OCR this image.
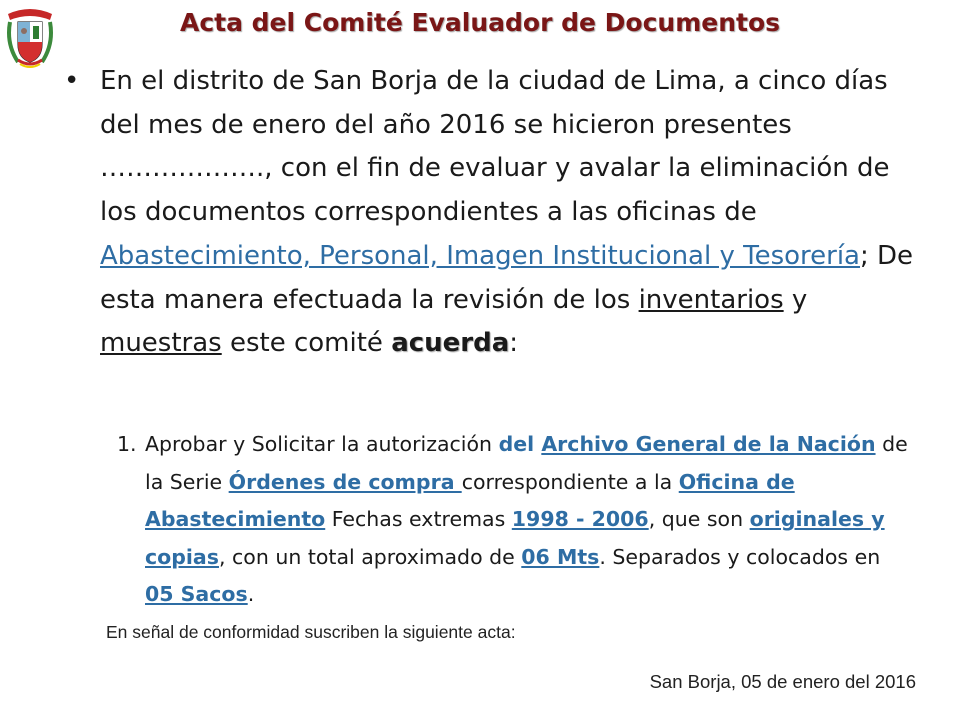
Acta del Comité Evaluador de Documentos
• En el distrito de San Borja de la ciudad de Lima, a cinco días del mes de enero del año 2016 se hicieron presentes ………………., con el fin de evaluar y avalar la eliminación de los documentos correspondientes a las oficinas de Abastecimiento, Personal, Imagen Institucional y Tesorería; De esta manera efectuada la revisión de los inventarios y muestras este comité acuerda:
1. Aprobar y Solicitar la autorización del Archivo General de la Nación de la Serie Órdenes de compra correspondiente a la Oficina de Abastecimiento Fechas extremas 1998 - 2006, que son originales y copias, con un total aproximado de 06 Mts. Separados y colocados en 05 Sacos.
En señal de conformidad suscriben la siguiente acta:
San Borja, 05 de enero del 2016
